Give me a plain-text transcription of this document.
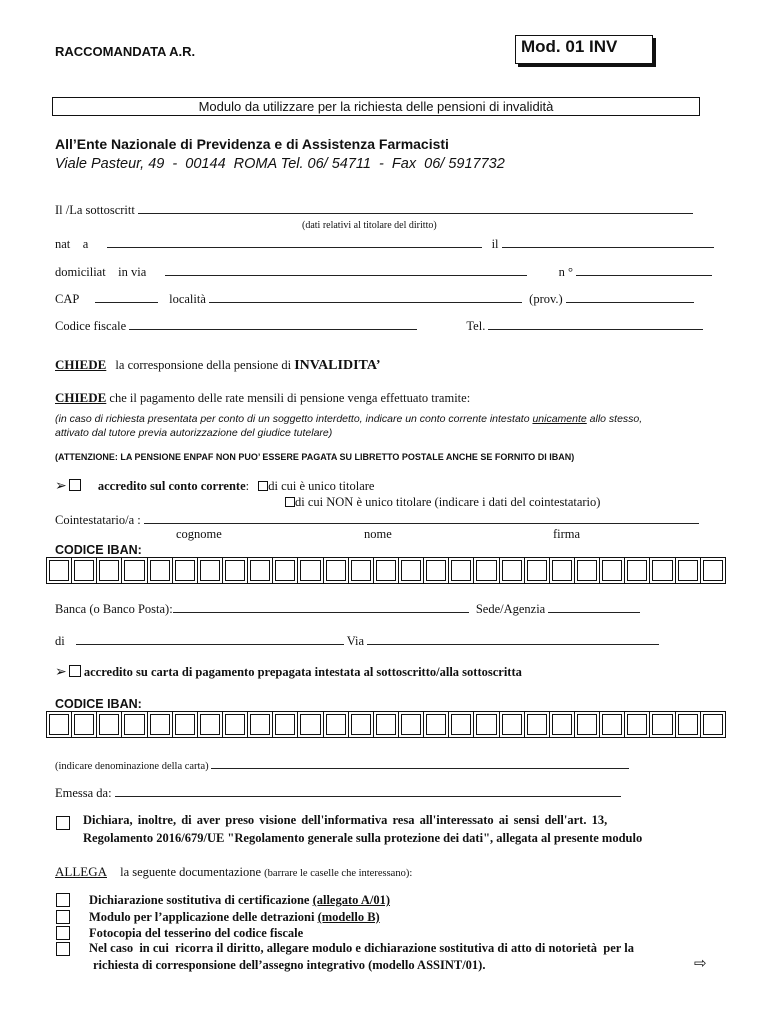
RACCOMANDATA A.R.	Mod. 01 INV
Modulo da utilizzare per la richiesta delle pensioni di invalidità
All’Ente Nazionale di Previdenza e di Assistenza Farmacisti
Viale Pasteur, 49  -  00144  ROMA Tel. 06/ 54711  -  Fax  06/ 5917732
Il /La sottoscritt
(dati relativi al titolare del diritto)
nat    a	il
domiciliat    in via	n °
CAP	località	(prov.)
Codice fiscale	Tel.
CHIEDE la corresponsione della pensione di INVALIDITA’
CHIEDE che il pagamento delle rate mensili di pensione venga effettuato tramite:
(in caso di richiesta presentata per conto di un soggetto interdetto, indicare un conto corrente intestato unicamente allo stesso,
attivato dal tutore previa autorizzazione del giudice tutelare)
(ATTENZIONE: LA PENSIONE ENPAF NON PUO’ ESSERE PAGATA SU LIBRETTO POSTALE ANCHE SE FORNITO DI IBAN)
➢ accredito sul conto corrente: di cui è unico titolare
di cui NON è unico titolare (indicare i dati del cointestatario)
Cointestatario/a :
cognome	nome	firma
CODICE IBAN:
Banca (o Banco Posta):	Sede/Agenzia
di	Via
➢ accredito su carta di pagamento prepagata intestata al sottoscritto/alla sottoscritta
CODICE IBAN:
(indicare denominazione della carta)
Emessa da:
Dichiara, inoltre, di aver preso visione dell'informativa resa all'interessato ai sensi dell'art. 13,
Regolamento 2016/679/UE "Regolamento generale sulla protezione dei dati", allegata al presente modulo
ALLEGA la seguente documentazione (barrare le caselle che interessano):
Dichiarazione sostitutiva di certificazione (allegato A/01)
Modulo per l’applicazione delle detrazioni (modello B)
Fotocopia del tesserino del codice fiscale
Nel caso  in cui  ricorra il diritto, allegare modulo e dichiarazione sostitutiva di atto di notorietà  per la
richiesta di corresponsione dell’assegno integrativo (modello ASSINT/01).	⇨
